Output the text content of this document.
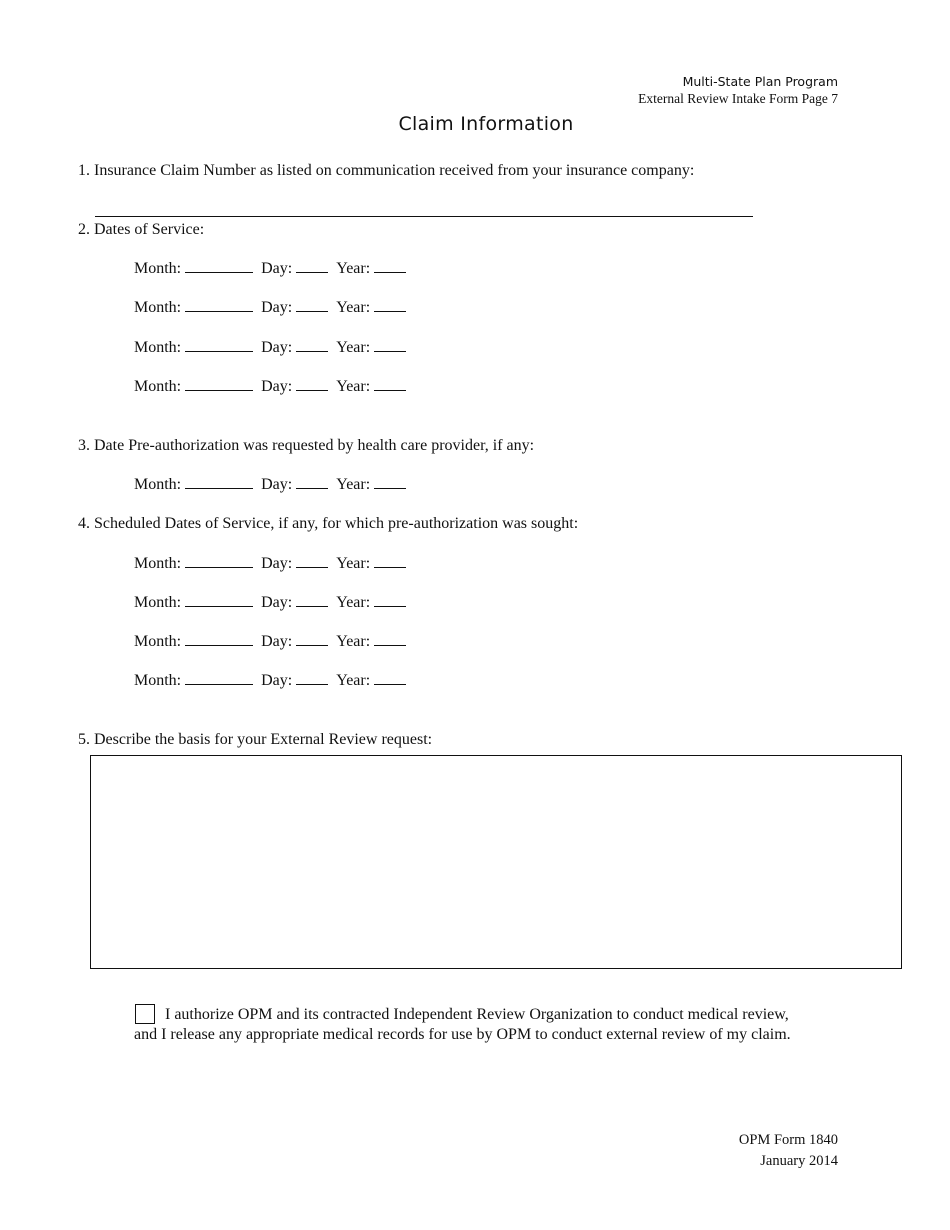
Multi-State Plan Program
External Review Intake Form Page 7
Claim Information
1. Insurance Claim Number as listed on communication received from your insurance company:
2. Dates of Service:
Month:	Day:	Year:
Month:	Day:	Year:
Month:	Day:	Year:
Month:	Day:	Year:
3. Date Pre-authorization was requested by health care provider, if any:
Month:	Day:	Year:
4. Scheduled Dates of Service, if any, for which pre-authorization was sought:
Month:	Day:	Year:
Month:	Day:	Year:
Month:	Day:	Year:
Month:	Day:	Year:
5. Describe the basis for your External Review request:
I authorize OPM and its contracted Independent Review Organization to conduct medical review,
and I release any appropriate medical records for use by OPM to conduct external review of my claim.
OPM Form 1840
January 2014
